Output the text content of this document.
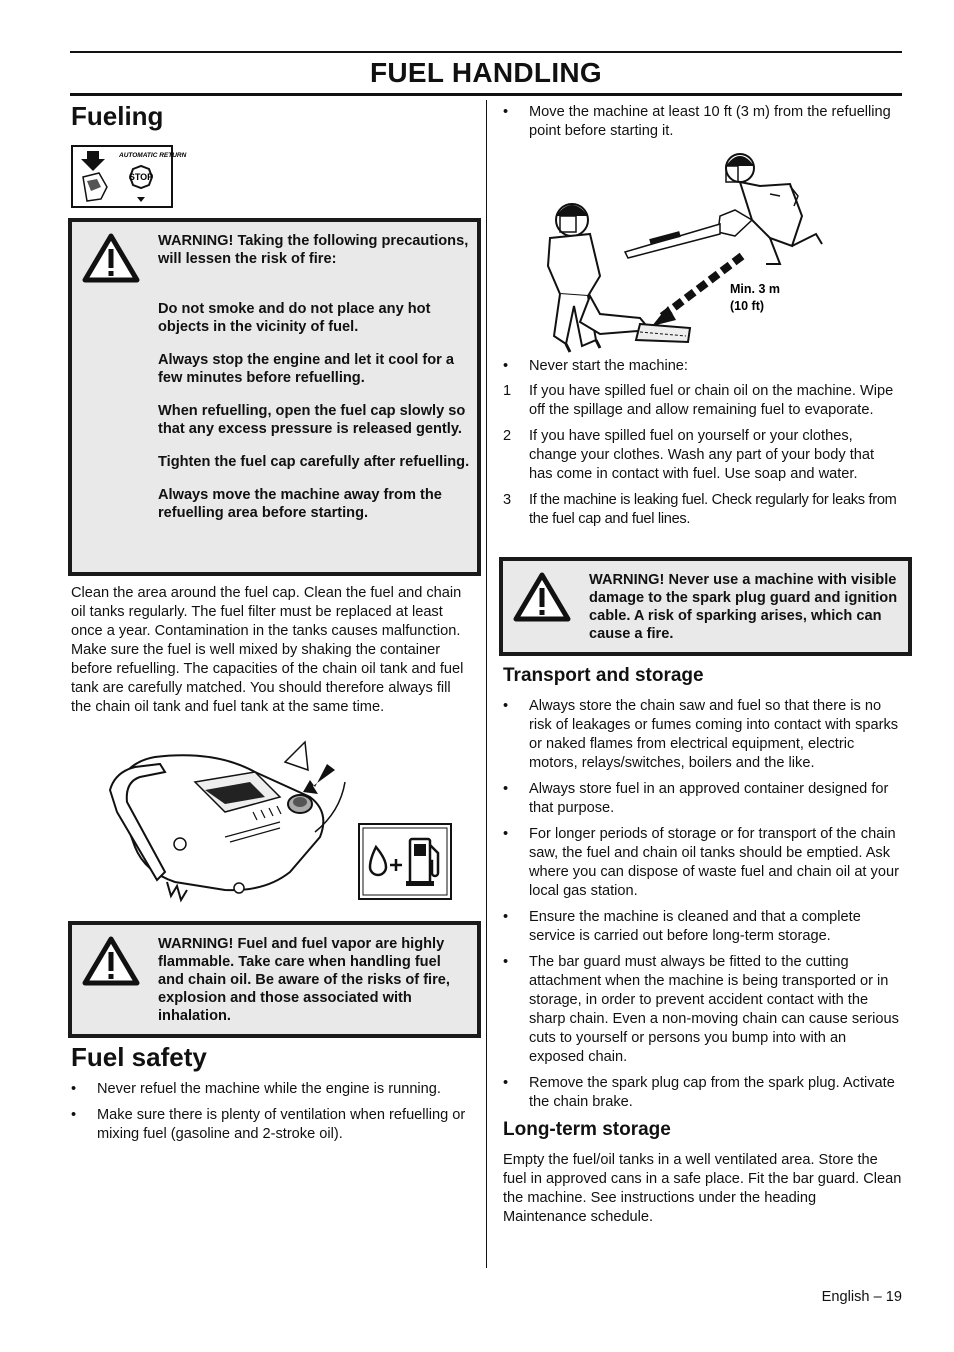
FUEL HANDLING
Fueling
AUTOMATIC RETURN
STOP

WARNING! Taking the following precautions, will lessen the risk of fire:

Do not smoke and do not place any hot objects in the vicinity of fuel.

Always stop the engine and let it cool for a few minutes before refuelling.

When refuelling, open the fuel cap slowly so that any excess pressure is released gently.

Tighten the fuel cap carefully after refuelling.

Always move the machine away from the refuelling area before starting.

Clean the area around the fuel cap. Clean the fuel and chain oil tanks regularly. The fuel filter must be replaced at least once a year. Contamination in the tanks causes malfunction. Make sure the fuel is well mixed by shaking the container before refuelling. The capacities of the chain oil tank and fuel tank are carefully matched. You should therefore always fill the chain oil tank and fuel tank at the same time.

WARNING! Fuel and fuel vapor are highly flammable. Take care when handling fuel and chain oil. Be aware of the risks of fire, explosion and those associated with inhalation.

Fuel safety
•	Never refuel the machine while the engine is running.
•	Make sure there is plenty of ventilation when refuelling or mixing fuel (gasoline and 2-stroke oil).
•	Move the machine at least 10 ft (3 m) from the refuelling point before starting it.
Min. 3 m
(10 ft)
•	Never start the machine:
1	If you have spilled fuel or chain oil on the machine. Wipe off the spillage and allow remaining fuel to evaporate.
2	If you have spilled fuel on yourself or your clothes, change your clothes. Wash any part of your body that has come in contact with fuel. Use soap and water.
3	If the machine is leaking fuel. Check regularly for leaks from the fuel cap and fuel lines.

WARNING! Never use a machine with visible damage to the spark plug guard and ignition cable. A risk of sparking arises, which can cause a fire.

Transport and storage
•	Always store the chain saw and fuel so that there is no risk of leakages or fumes coming into contact with sparks or naked flames from electrical equipment, electric motors, relays/switches, boilers and the like.
•	Always store fuel in an approved container designed for that purpose.
•	For longer periods of storage or for transport of the chain saw, the fuel and chain oil tanks should be emptied. Ask where you can dispose of waste fuel and chain oil at your local gas station.
•	Ensure the machine is cleaned and that a complete service is carried out before long-term storage.
•	The bar guard must always be fitted to the cutting attachment when the machine is being transported or in storage, in order to prevent accident contact with the sharp chain. Even a non-moving chain can cause serious cuts to yourself or persons you bump into with an exposed chain.
•	Remove the spark plug cap from the spark plug. Activate the chain brake.
Long-term storage

Empty the fuel/oil tanks in a well ventilated area. Store the fuel in approved cans in a safe place. Fit the bar guard. Clean the machine. See instructions under the heading Maintenance schedule.

English – 19
